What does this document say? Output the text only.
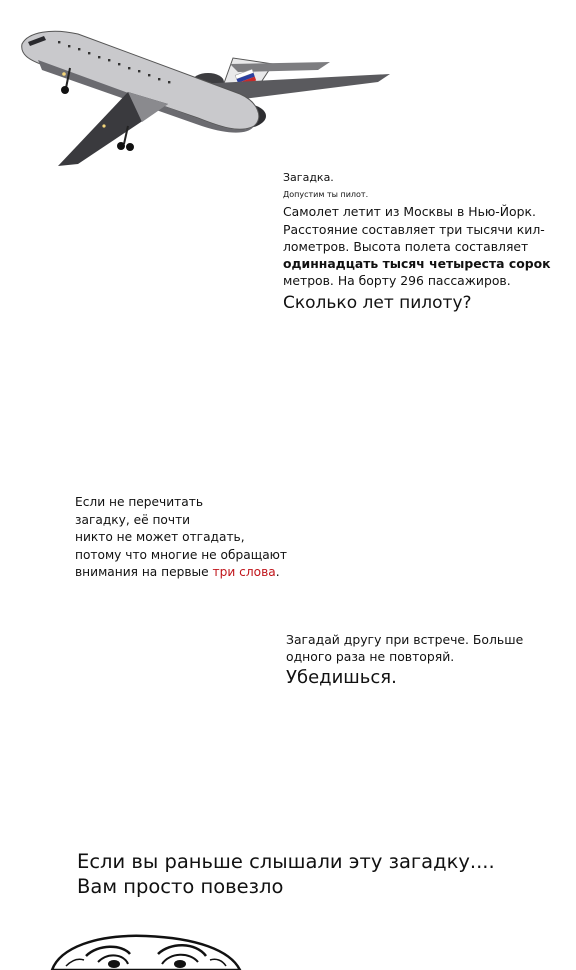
Загадка.
Допустим ты пилот.
Самолет летит из Москвы в Нью-Йорк.
Расстояние составляет три тысячи кил-
лометров. Высота полета составляет
одиннадцать тысяч четыреста сорок
метров. На борту 296 пассажиров.
Сколько лет пилоту?
Если не перечитать
загадку, её почти
никто не может отгадать,
потому что многие не обращают
внимания на первые три слова.
Загадай другу при встрече. Больше
одного раза не повторяй.
Убедишься.
Если вы раньше слышали эту загадку....
Вам просто повезло
